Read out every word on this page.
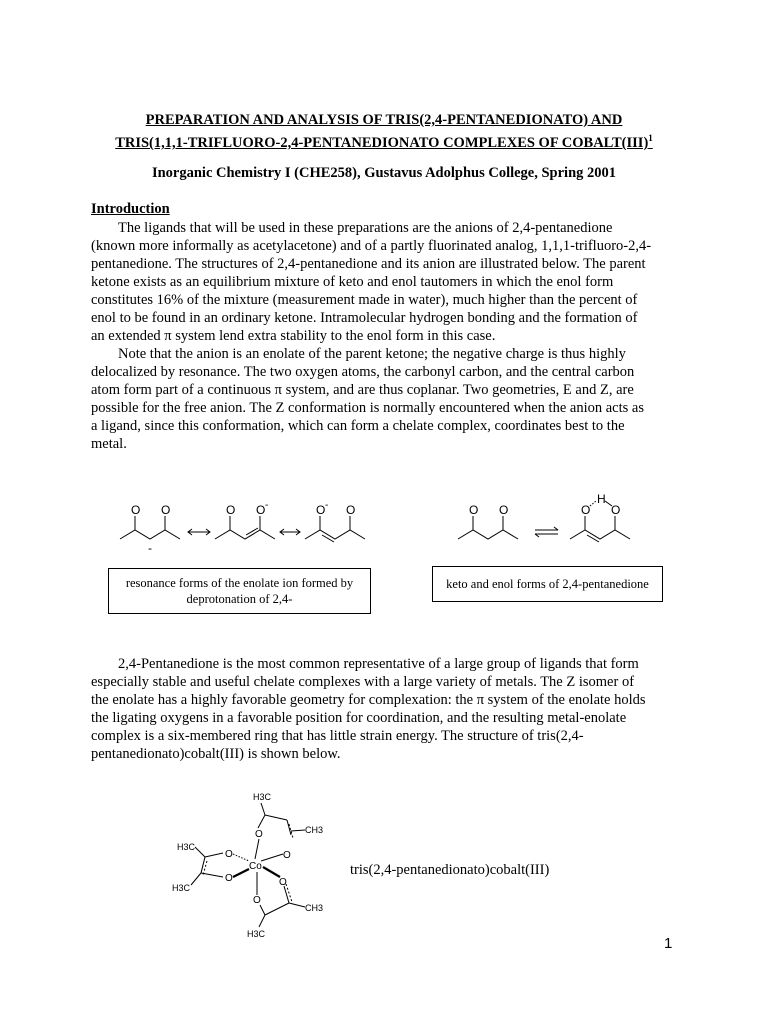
PREPARATION AND ANALYSIS OF TRIS(2,4-PENTANEDIONATO) AND
TRIS(1,1,1-TRIFLUORO-2,4-PENTANEDIONATO COMPLEXES OF COBALT(III)$^1$
Inorganic Chemistry I (CHE258), Gustavus Adolphus College, Spring 2001
Introduction
The ligands that will be used in these preparations are the anions of 2,4-pentanedione
(known more informally as acetylacetone) and of a partly fluorinated analog, 1,1,1-trifluoro-2,4-
pentanedione. The structures of 2,4-pentanedione and its anion are illustrated below. The parent
ketone exists as an equilibrium mixture of keto and enol tautomers in which the enol form
constitutes 16% of the mixture (measurement made in water), much higher than the percent of
enol to be found in an ordinary ketone. Intramolecular hydrogen bonding and the formation of
an extended π system lend extra stability to the enol form in this case.
Note that the anion is an enolate of the parent ketone; the negative charge is thus highly
delocalized by resonance. The two oxygen atoms, the carbonyl carbon, and the central carbon
atom form part of a continuous π system, and are thus coplanar. Two geometries, E and Z, are
possible for the free anion. The Z conformation is normally encountered when the anion acts as
a ligand, since this conformation, which can form a chelate complex, coordinates best to the
metal.
O O
-
O O -	O O
-	O O	O O
H
resonance forms of the enolate ion formed by
deprotonation of 2,4-
keto and enol forms of 2,4-pentanedione
2,4-Pentanedione is the most common representative of a large group of ligands that form
especially stable and useful chelate complexes with a large variety of metals. The Z isomer of
the enolate has a highly favorable geometry for complexation: the π system of the enolate holds
the ligating oxygens in a favorable position for coordination, and the resulting metal-enolate
complex is a six-membered ring that has little strain energy. The structure of tris(2,4-
pentanedionato)cobalt(III) is shown below.
H3C
CH3
O
O
H3C
H3C
O
O
Co
O
O
CH3
H3C
tris(2,4-pentanedionato)cobalt(III)
1
